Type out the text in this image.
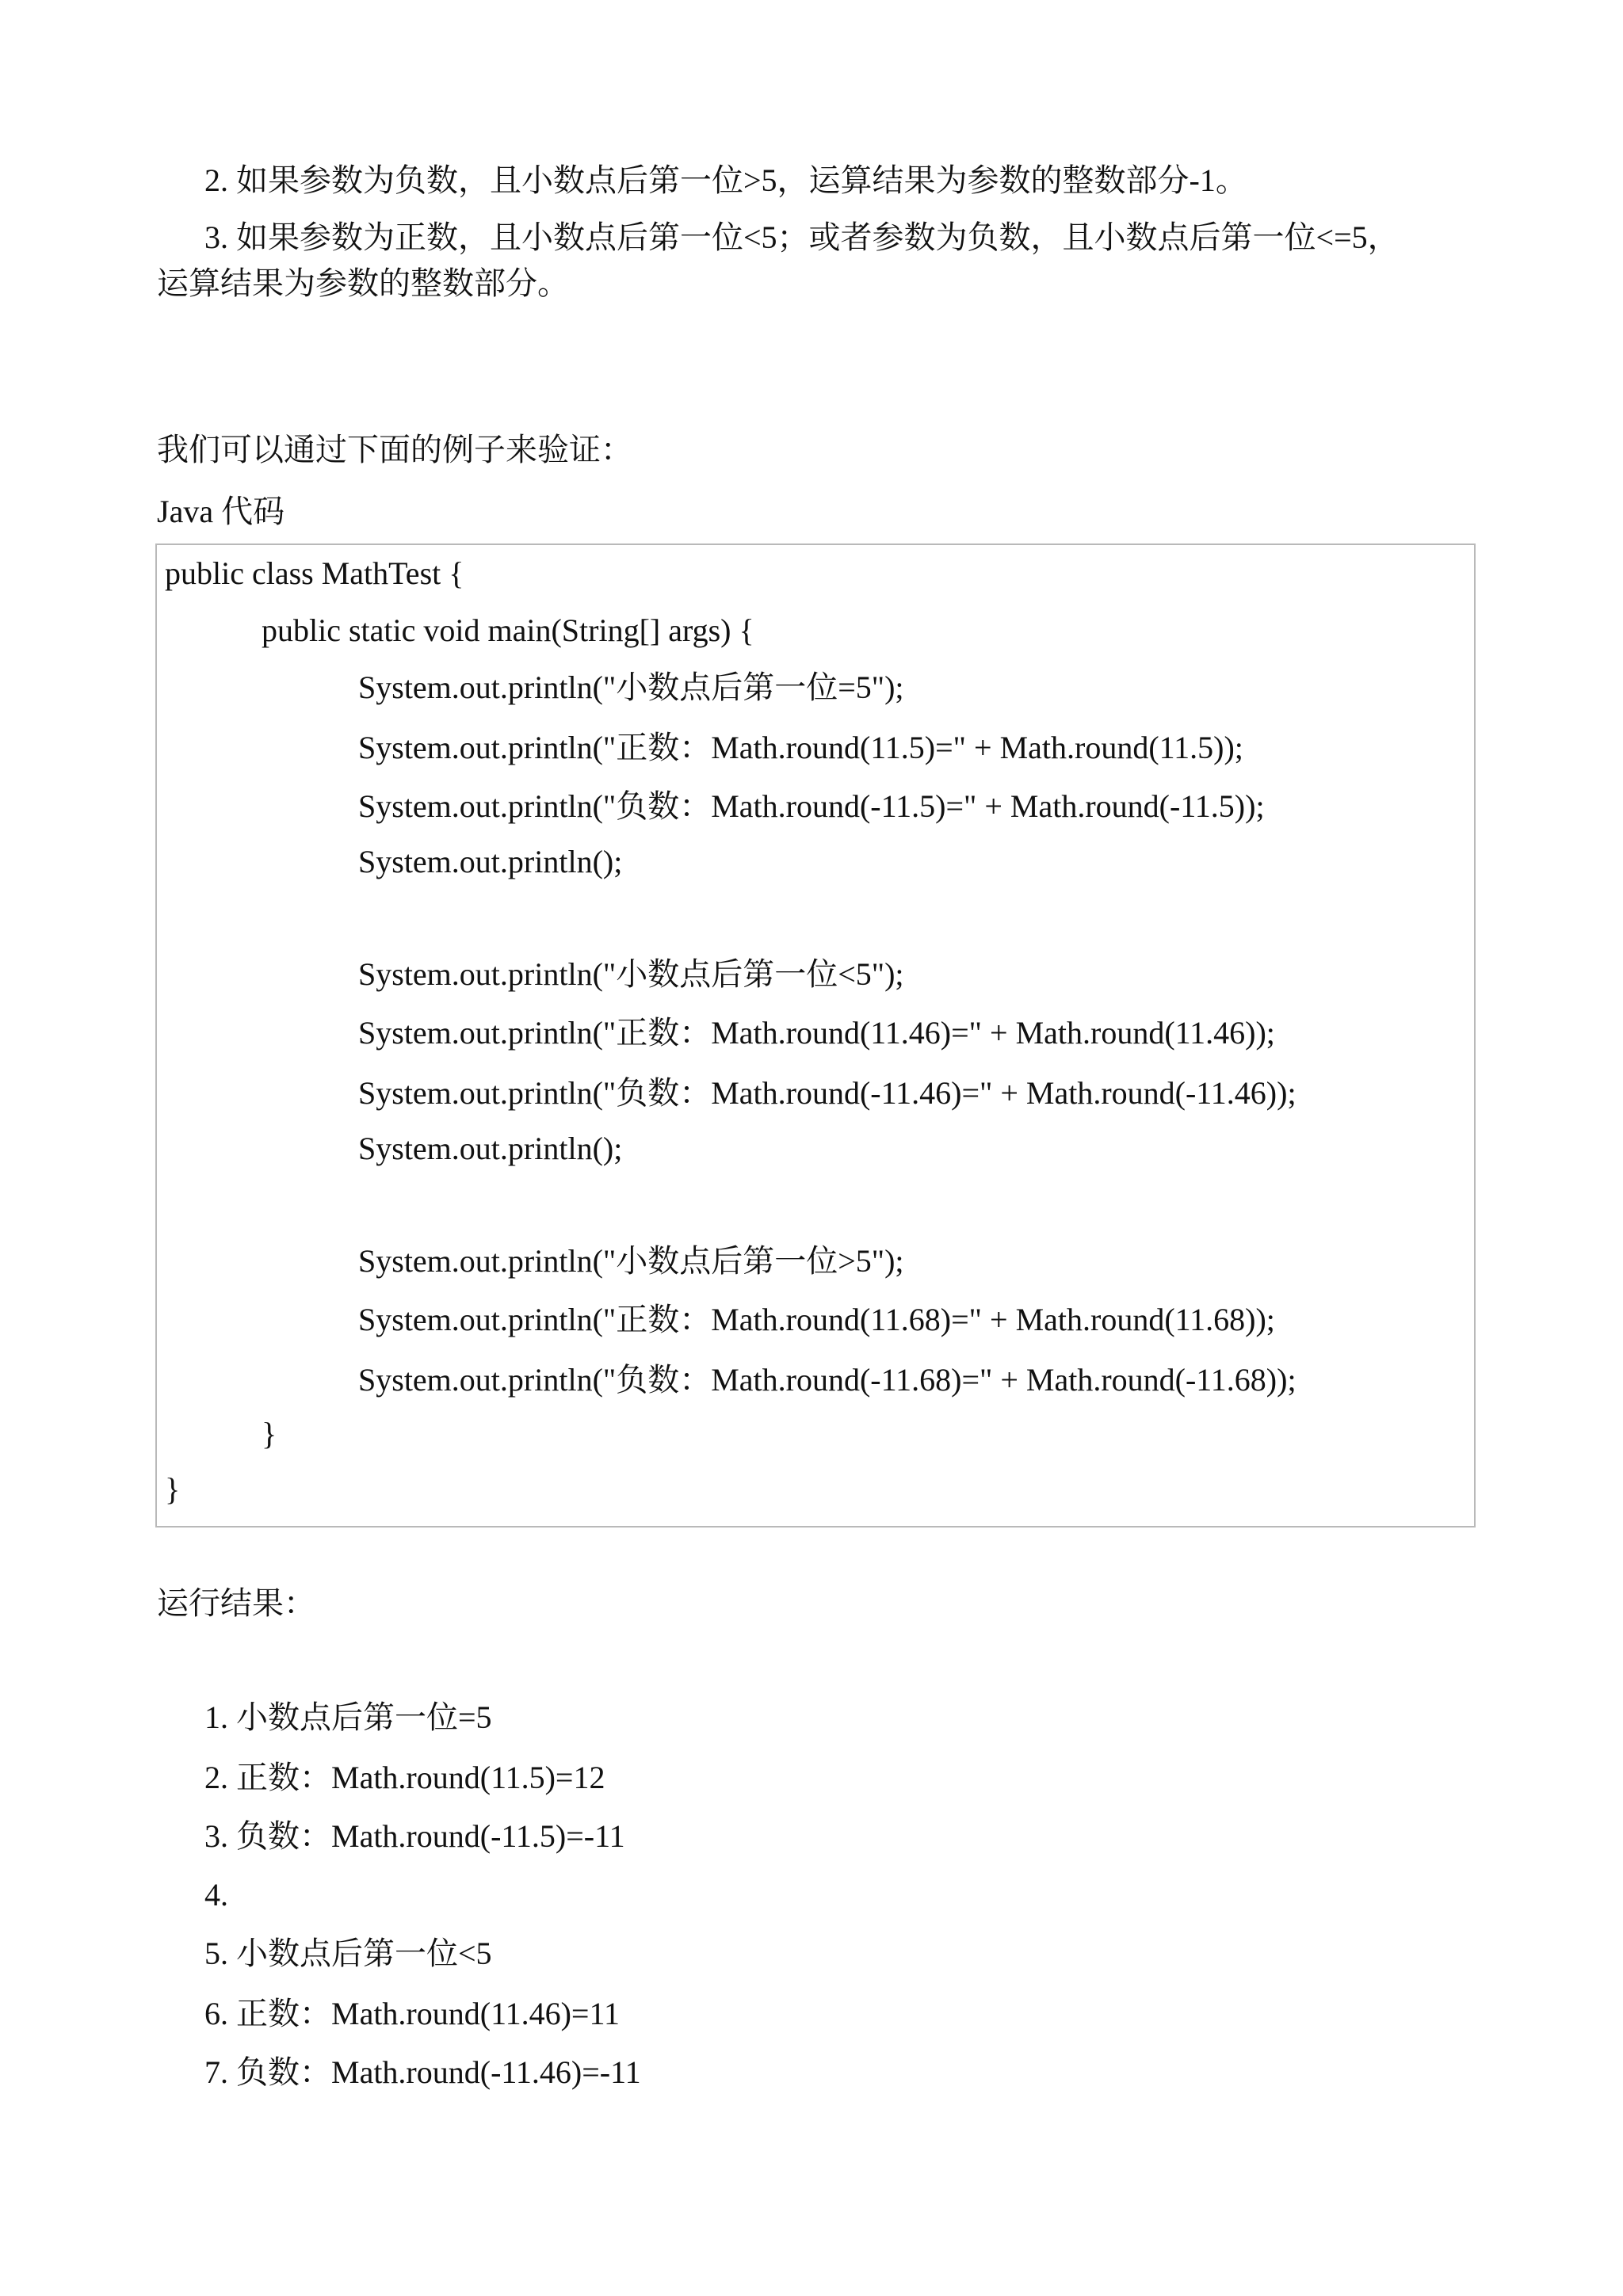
2. 如果参数为负数，且小数点后第一位>5，运算结果为参数的整数部分-1。
3. 如果参数为正数，且小数点后第一位<5；或者参数为负数，且小数点后第一位<=5，
运算结果为参数的整数部分。
我们可以通过下面的例子来验证：
Java 代码
public class MathTest {
public static void main(String[] args) {
System.out.println("小数点后第一位=5");
System.out.println("正数：Math.round(11.5)=" + Math.round(11.5));
System.out.println("负数：Math.round(-11.5)=" + Math.round(-11.5));
System.out.println();
System.out.println("小数点后第一位<5");
System.out.println("正数：Math.round(11.46)=" + Math.round(11.46));
System.out.println("负数：Math.round(-11.46)=" + Math.round(-11.46));
System.out.println();
System.out.println("小数点后第一位>5");
System.out.println("正数：Math.round(11.68)=" + Math.round(11.68));
System.out.println("负数：Math.round(-11.68)=" + Math.round(-11.68));
}
}
运行结果：
1. 小数点后第一位=5
2. 正数：Math.round(11.5)=12
3. 负数：Math.round(-11.5)=-11
4.
5. 小数点后第一位<5
6. 正数：Math.round(11.46)=11
7. 负数：Math.round(-11.46)=-11
